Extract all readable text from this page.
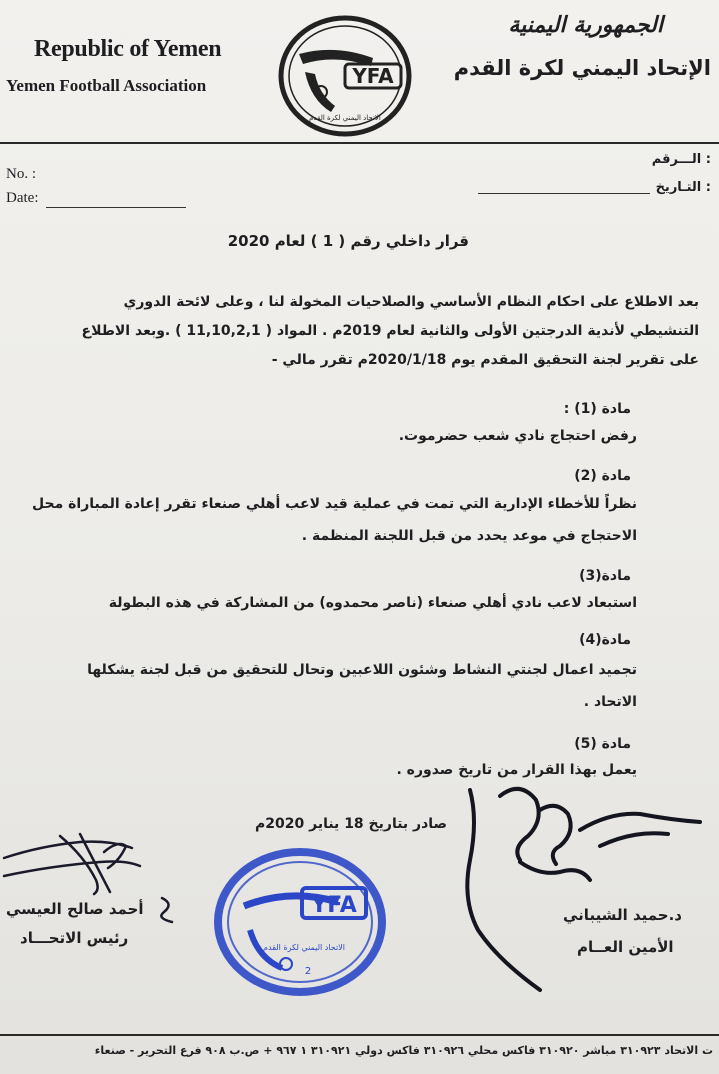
Republic of Yemen
Yemen Football Association
الجمهورية اليمنية
الإتحاد اليمني لكرة القدم
YFA
الاتحاد اليمني لكرة القدم
No. :
Date:
الـــرقم :
التـاريخ :
قرار داخلي رقم ( 1 ) لعام 2020

بعد الاطلاع على احكام النظام الأساسي والصلاحيات المخولة لنا ، وعلى لائحة الدوري

التنشيطي لأندية الدرجتين الأولى والثانية لعام 2019م . المواد ( 11,10,2,1 ) .وبعد الاطلاع

على تقرير لجنة التحقيق المقدم يوم 2020/1/18م تقرر مالي -

مادة (1) :

رفض احتجاج نادي شعب حضرموت.

مادة (2)

نظراً للأخطاء الإدارية التي تمت في عملية قيد لاعب أهلي صنعاء تقرر إعادة المباراة محل

الاحتجاج في موعد يحدد من قبل اللجنة المنظمة .

مادة(3)

استبعاد لاعب نادي أهلي صنعاء (ناصر محمدوه) من المشاركة في هذه البطولة

مادة(4)

تجميد اعمال لجنتي النشاط وشئون اللاعبين وتحال للتحقيق من قبل لجنة يشكلها

الاتحاد .

مادة (5)

يعمل بهذا القرار من تاريخ صدوره .

صادر بتاريخ 18 يناير 2020م
أحمد صالح العيسي
رئيس الاتحـــاد
د.حميد الشيباني
الأمين العــام
YFA
الاتحاد اليمني لكرة القدم
2
ت الاتحاد ٣١٠٩٢٣ مباشر ٣١٠٩٢٠ فاكس محلي ٣١٠٩٢٦ فاكس دولي ٣١٠٩٢١ ١ ٩٦٧ + ص.ب ٩٠٨ فرع التحرير - صنعاء
